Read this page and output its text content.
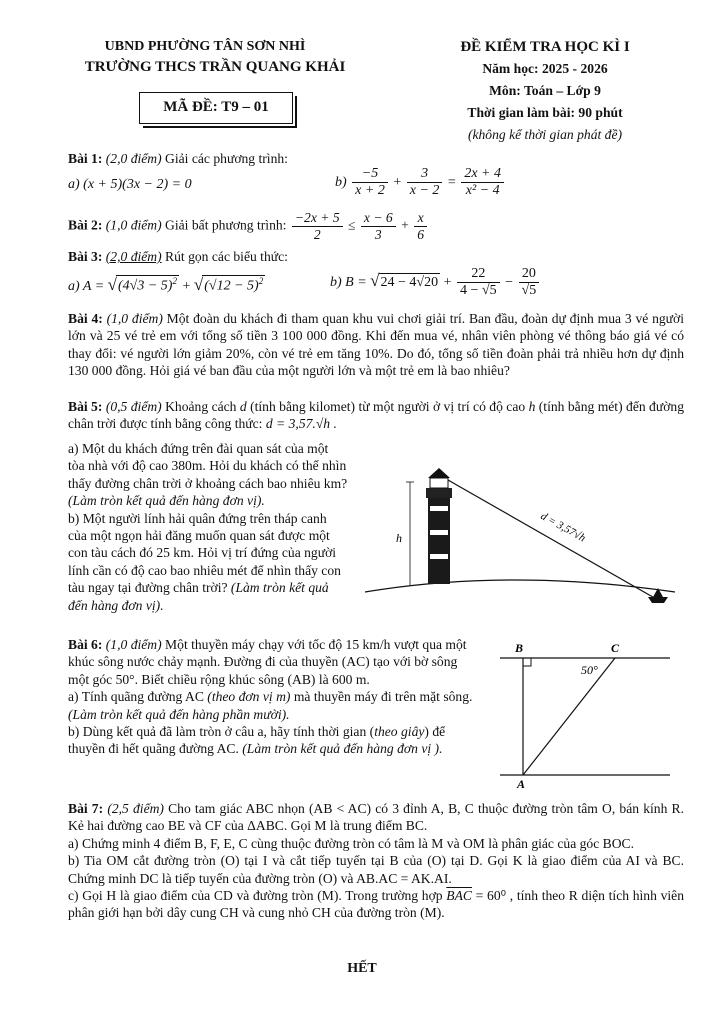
UBND PHƯỜNG TÂN SƠN NHÌ
TRƯỜNG THCS TRẦN QUANG KHẢI
MÃ ĐỀ: T9 – 01
ĐỀ KIỂM TRA HỌC KÌ I
Năm học: 2025 - 2026
Môn: Toán – Lớp 9
Thời gian làm bài: 90 phút
(không kể thời gian phát đề)
Bài 1: (2,0 điểm) Giải các phương trình:
a) (x + 5)(3x − 2) = 0	$b) \frac{-5}{x + 2} + \frac{3}{x - 2} = \frac{2x + 4}{\text{x² − 4}}$
Bài 2: (1,0 điểm) Giải bất phương trình: $\frac{-2x + 5}{2} \le \frac{x - 6}{3} + \frac{x}{6}$
Bài 3: (2,0 điểm) Rút gọn các biểu thức:
a) $A = √(4√3 - 5)^2 + √(√12 - 5)^2$	b) $B = √24 - 4√20 + \frac{22}{4 - √5} - \frac{20}{√5}$
Bài 4: (1,0 điểm) Một đoàn du khách đi tham quan khu vui chơi giải trí. Ban đầu, đoàn dự định mua 3 vé người lớn và 25 vé trẻ em với tổng số tiền 3 100 000 đồng. Khi đến mua vé, nhân viên phòng vé thông báo giá vé có thay đổi: vé người lớn giảm 20%, còn vé trẻ em tăng 10%. Do đó, tổng số tiền đoàn phải trả nhiều hơn dự định 130 000 đồng. Hỏi giá vé ban đầu của một người lớn và một trẻ em là bao nhiêu?
Bài 5: (0,5 điểm) Khoảng cách d (tính bằng kilomet) từ một người ở vị trí có độ cao h (tính bằng mét) đến đường chân trời được tính bằng công thức: d = 3,57.√h .
a) Một du khách đứng trên đài quan sát của một tòa nhà với độ cao 380m. Hỏi du khách có thể nhìn thấy đường chân trời ở khoảng cách bao nhiêu km? (Làm tròn kết quả đến hàng đơn vị).
b) Một người lính hải quân đứng trên tháp canh của một ngọn hải đăng muốn quan sát được một con tàu cách đó 25 km. Hỏi vị trí đứng của người lính cần có độ cao bao nhiêu mét để nhìn thấy con tàu ngay tại đường chân trời? (Làm tròn kết quả đến hàng đơn vị).
h	d = 3,57√h
Bài 6: (1,0 điểm) Một thuyền máy chạy với tốc độ 15 km/h vượt qua một khúc sông nước chảy mạnh. Đường đi của thuyền (AC) tạo với bờ sông một góc 50°. Biết chiều rộng khúc sông (AB) là 600 m.
a) Tính quãng đường AC (theo đơn vị m) mà thuyền máy đi trên mặt sông. (Làm tròn kết quả đến hàng phần mười).
b) Dùng kết quả đã làm tròn ở câu a, hãy tính thời gian (theo giây) để thuyền đi hết quãng đường AC. (Làm tròn kết quả đến hàng đơn vị ).
B	C
A
50°
Bài 7: (2,5 điểm) Cho tam giác ABC nhọn (AB < AC) có 3 đỉnh A, B, C thuộc đường tròn tâm O, bán kính R. Kẻ hai đường cao BE và CF của ΔABC. Gọi M là trung điểm BC.
a) Chứng minh 4 điểm B, F, E, C cùng thuộc đường tròn có tâm là M và OM là phân giác của góc BOC.
b) Tia OM cắt đường tròn (O) tại I và cắt tiếp tuyến tại B của (O) tại D. Gọi K là giao điểm của AI và BC. Chứng minh DC là tiếp tuyến của đường tròn (O) và AB.AC = AK.AI.
c) Gọi H là giao điểm của CD và đường tròn (M). Trong trường hợp $\overline{BAC} = 60^0$ , tính theo R diện tích hình viên phân giới hạn bởi dây cung CH và cung nhỏ CH của đường tròn (M).
HẾT
